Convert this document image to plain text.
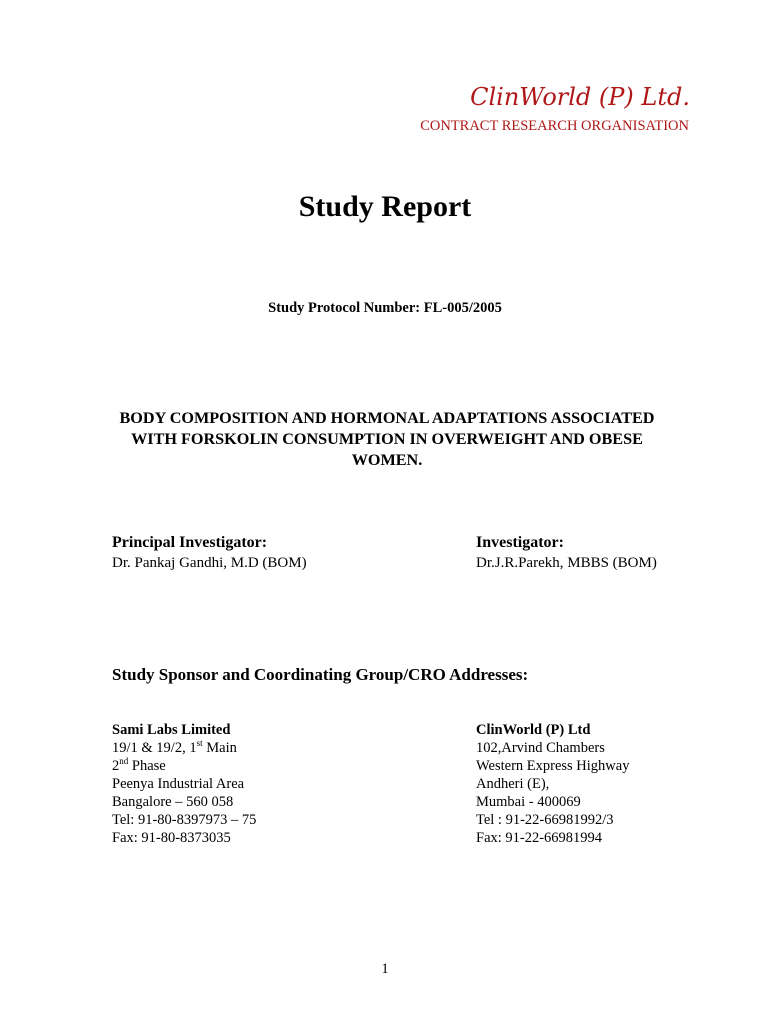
ClinWorld (P) Ltd.
CONTRACT RESEARCH ORGANISATION
Study Report
Study Protocol Number: FL-005/2005
BODY COMPOSITION AND HORMONAL ADAPTATIONS ASSOCIATED
WITH FORSKOLIN CONSUMPTION IN OVERWEIGHT AND OBESE
WOMEN.
Principal Investigator:
Dr. Pankaj Gandhi, M.D (BOM)
Investigator:
Dr.J.R.Parekh, MBBS (BOM)
Study Sponsor and Coordinating Group/CRO Addresses:
Sami Labs Limited
19/1 & 19/2, 1st Main
2nd Phase
Peenya Industrial Area
Bangalore – 560 058
Tel: 91-80-8397973 – 75
Fax: 91-80-8373035
ClinWorld (P) Ltd
102,Arvind Chambers
Western Express Highway
Andheri (E),
Mumbai - 400069
Tel : 91-22-66981992/3
Fax: 91-22-66981994
1
